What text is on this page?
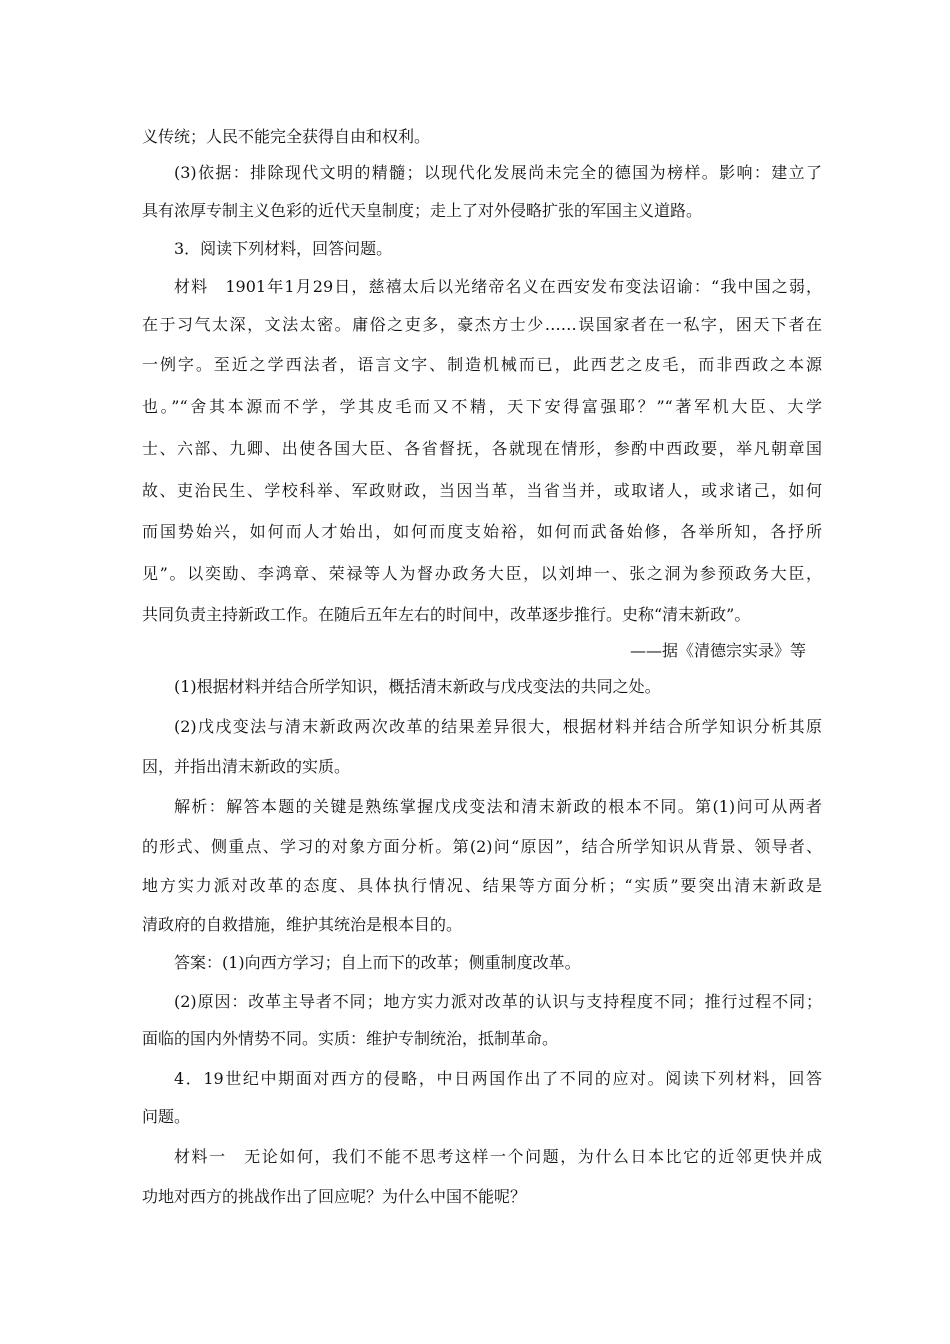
义传统；人民不能完全获得自由和权利。
(3)依据：排除现代文明的精髓；以现代化发展尚未完全的德国为榜样。影响：建立了
具有浓厚专制主义色彩的近代天皇制度；走上了对外侵略扩张的军国主义道路。
3．阅读下列材料，回答问题。
材料　1901年1月29日，慈禧太后以光绪帝名义在西安发布变法诏谕：“我中国之弱，
在于习气太深，文法太密。庸俗之吏多，豪杰方士少……误国家者在一私字，困天下者在
一例字。至近之学西法者，语言文字、制造机械而已，此西艺之皮毛，而非西政之本源
也。”“舍其本源而不学，学其皮毛而又不精，天下安得富强耶？”“著军机大臣、大学
士、六部、九卿、出使各国大臣、各省督抚，各就现在情形，参酌中西政要，举凡朝章国
故、吏治民生、学校科举、军政财政，当因当革，当省当并，或取诸人，或求诸己，如何
而国势始兴，如何而人才始出，如何而度支始裕，如何而武备始修，各举所知，各抒所
见”。以奕劻、李鸿章、荣禄等人为督办政务大臣，以刘坤一、张之洞为参预政务大臣，
共同负责主持新政工作。在随后五年左右的时间中，改革逐步推行。史称“清末新政”。
——据《清德宗实录》等
(1)根据材料并结合所学知识，概括清末新政与戊戌变法的共同之处。
(2)戊戌变法与清末新政两次改革的结果差异很大，根据材料并结合所学知识分析其原
因，并指出清末新政的实质。
解析：解答本题的关键是熟练掌握戊戌变法和清末新政的根本不同。第(1)问可从两者
的形式、侧重点、学习的对象方面分析。第(2)问“原因”，结合所学知识从背景、领导者、
地方实力派对改革的态度、具体执行情况、结果等方面分析；“实质”要突出清末新政是
清政府的自救措施，维护其统治是根本目的。
答案：(1)向西方学习；自上而下的改革；侧重制度改革。
(2)原因：改革主导者不同；地方实力派对改革的认识与支持程度不同；推行过程不同；
面临的国内外情势不同。实质：维护专制统治，抵制革命。
4．19世纪中期面对西方的侵略，中日两国作出了不同的应对。阅读下列材料，回答
问题。
材料一　无论如何，我们不能不思考这样一个问题，为什么日本比它的近邻更快并成
功地对西方的挑战作出了回应呢？为什么中国不能呢？
